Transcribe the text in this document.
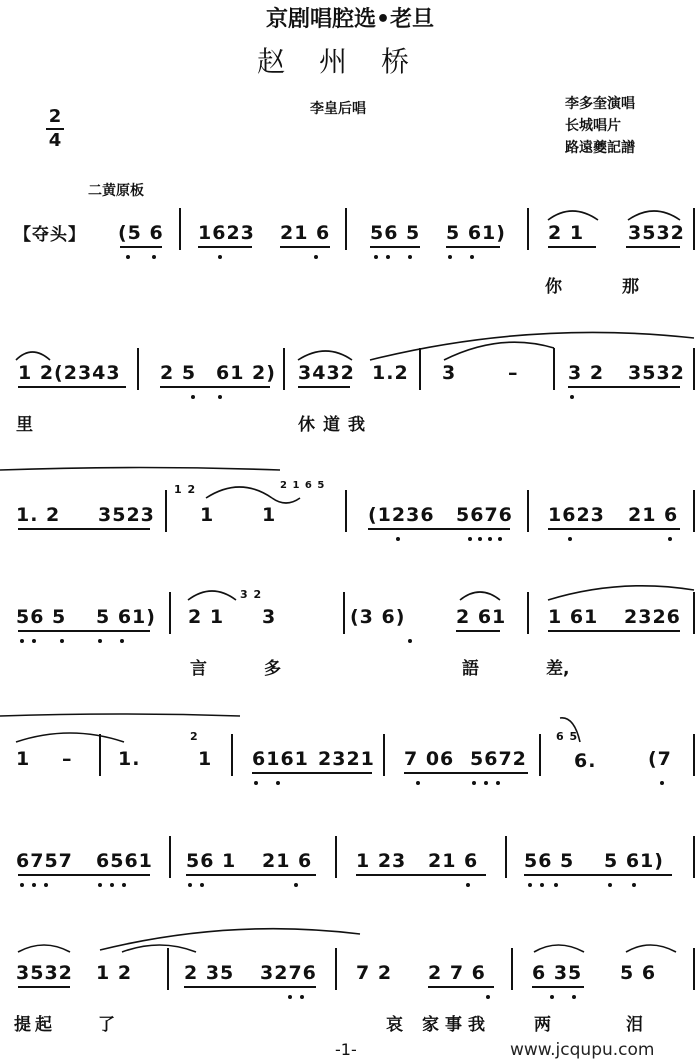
京剧唱腔选•老旦
赵州桥
李皇后唱	李多奎演唱
长城唱片
路遠夔記譜
2
4
二黄原板
【夺头】 (5 6 1623 21 6 56 5 5 61) 2 1 3532
你	那
1 2(2343 2 5 61 2) 3432 1.2 3	–	3 2 3532
里	休道我
1. 2 3523
1 2
1	1
2 1 6 5
(1236 5676 1623 21 6
56 5 5 61) 2 1
3 2
3	(3 6)	2 61 1 61 2326
言	多	語	差,
1 – 1.
2
1 6161 2321 7 06 5672
6 5
6.	(7
6757 6561 56 1 21 6 1 23 21 6 56 5 5 61)
3532 1 2	2 35 3276 7 2 2 7 6 6 35 5 6
提起 了	哀 家事我	两	泪
-1-	www.jcqupu.com
